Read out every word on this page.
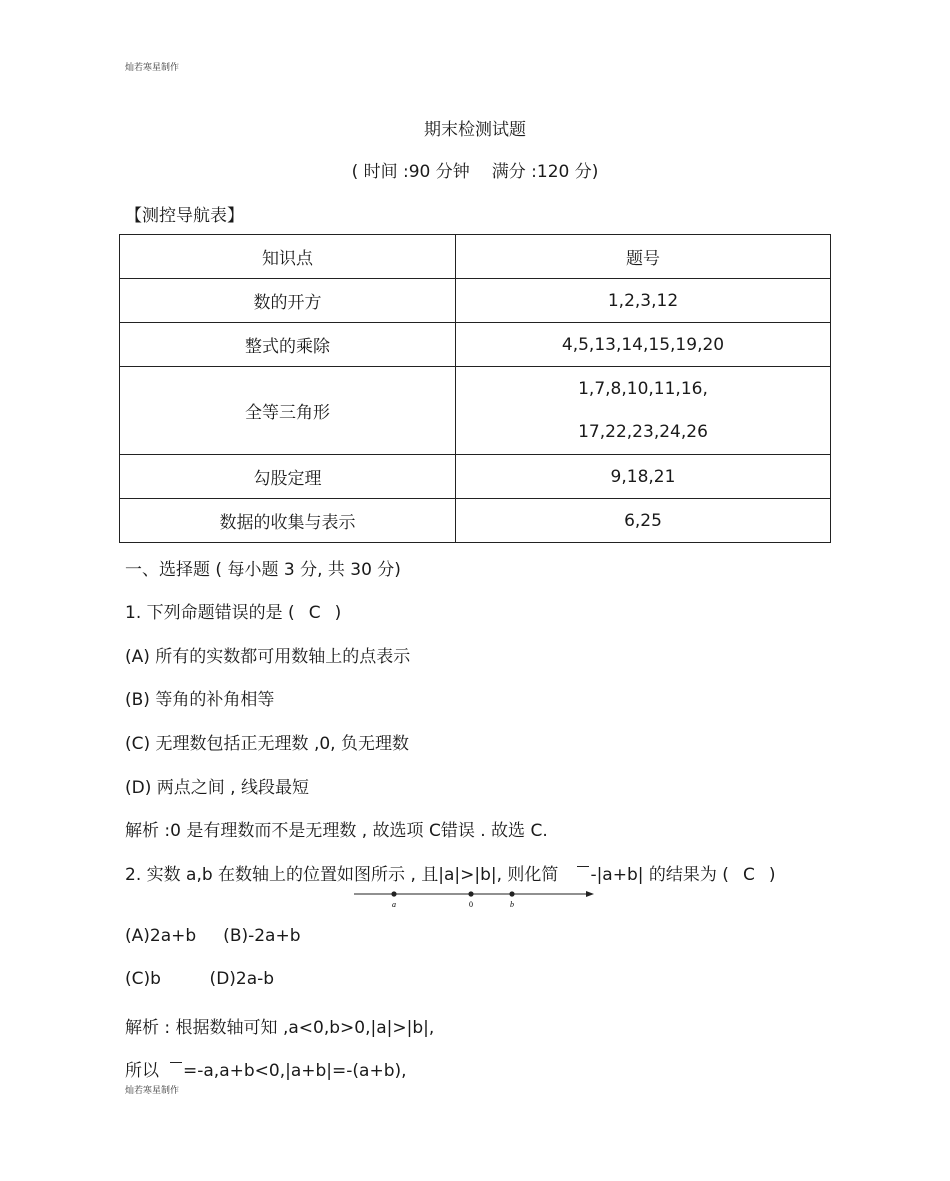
灿若寒星制作
期末检测试题
( 时间 :90 分钟 满分 :120 分)
【测控导航表】
知识点	题号
数的开方	1,2,3,12
整式的乘除	4,5,13,14,15,19,20
全等三角形	1,7,8,10,11,16,
17,22,23,24,26

勾股定理	9,18,21
数据的收集与表示	6,25
一、选择题 ( 每小题 3 分, 共 30 分)
1. 下列命题错误的是 ( C )
(A) 所有的实数都可用数轴上的点表示
(B) 等角的补角相等
(C) 无理数包括正无理数 ,0, 负无理数
(D) 两点之间 , 线段最短
解析 :0 是有理数而不是无理数 , 故选项 C错误 . 故选 C.
2. 实数 a,b 在数轴上的位置如图所示 , 且|a|>|b|, 则化简 -|a+b| 的结果为 ( C )
a	0	b
(A)2a+b     (B)-2a+b
(C)b         (D)2a-b
解析 : 根据数轴可知 ,a<0,b>0,|a|>|b|,
所以 =-a,a+b<0,|a+b|=-(a+b),
灿若寒星制作
